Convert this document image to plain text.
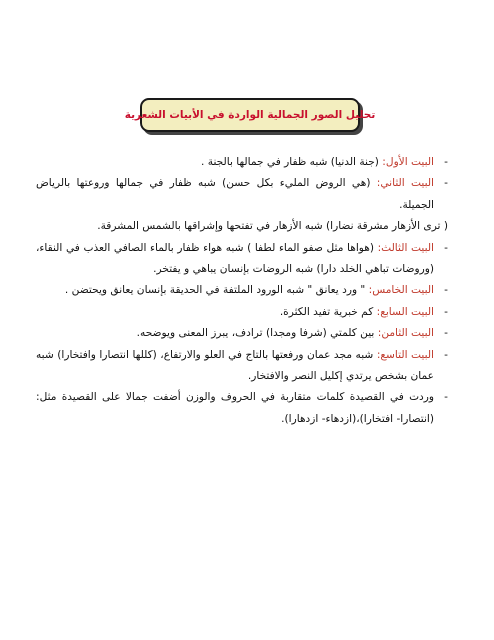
تحليل الصور الجمالية الواردة في الأبيات الشعرية

-
البيت الأول: (جنة الدنيا) شبه ظفار في جمالها بالجنة .

-
البيت الثاني: (هي الروض المليء بكل حسن) شبه ظفار في جمالها وروعتها بالرياض الجميلة.

( ترى الأزهار مشرقة نضارا) شبه الأزهار في تفتحها وإشراقها بالشمس المشرقة.

-
البيت الثالث: (هواها مثل صفو الماء لطفا ) شبه هواء ظفار بالماء الصافي العذب في النقاء، (وروضات تباهي الخلد دارا) شبه الروضات بإنسان يباهي و يفتخر.

-
البيت الخامس: " ورد يعانق " شبه الورود الملتفة في الحديقة بإنسان يعانق ويحتضن .

-
البيت السابع: كم خبرية تفيد الكثرة.

-
البيت الثامن: بين كلمتي (شرفا ومجدا) ترادف، يبرز المعنى ويوضحه.

-
البيت التاسع: شبه مجد عمان ورفعتها بالتاج في العلو والارتفاع، (كللها انتصارا وافتخارا) شبه عمان بشخص يرتدي إكليل النصر والافتخار.

-
وردت في القصيدة كلمات متقاربة في الحروف والوزن أضفت جمالا على القصيدة مثل: (انتصارا- افتخارا)،(ازدهاء- ازدهارا).
